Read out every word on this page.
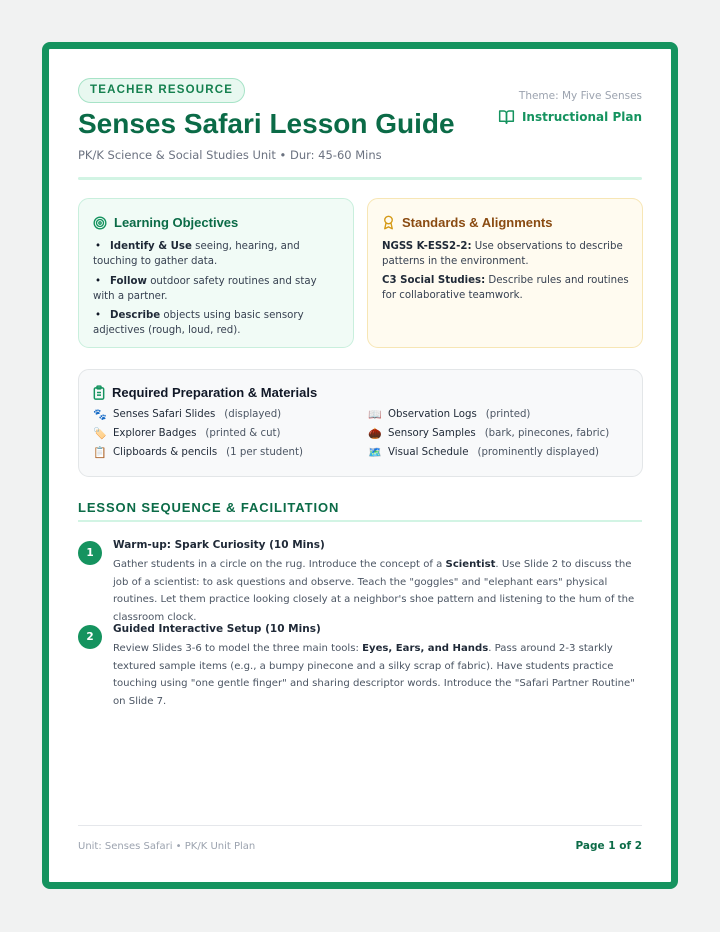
TEACHER RESOURCE
Senses Safari Lesson Guide
PK/K Science & Social Studies Unit • Dur: 45-60 Mins
Theme: My Five Senses
Instructional Plan
Learning Objectives
• Identify & Use seeing, hearing, and touching to gather data.
• Follow outdoor safety routines and stay with a partner.
• Describe objects using basic sensory adjectives (rough, loud, red).
Standards & Alignments
NGSS K-ESS2-2: Use observations to describe patterns in the environment.
C3 Social Studies: Describe rules and routines for collaborative teamwork.
Required Preparation & Materials
🐾 Senses Safari Slides (displayed)	📖 Observation Logs (printed)
🏷️ Explorer Badges (printed & cut)	🌰 Sensory Samples (bark, pinecones, fabric)
📋 Clipboards & pencils (1 per student)	🗺️ Visual Schedule (prominently displayed)
LESSON SEQUENCE & FACILITATION
1
Warm-up: Spark Curiosity (10 Mins)
Gather students in a circle on the rug. Introduce the concept of a Scientist. Use Slide 2 to discuss the job of a scientist: to ask questions and observe. Teach the "goggles" and "elephant ears" physical routines. Let them practice looking closely at a neighbor's shoe pattern and listening to the hum of the classroom clock.
2
Guided Interactive Setup (10 Mins)
Review Slides 3-6 to model the three main tools: Eyes, Ears, and Hands. Pass around 2-3 starkly textured sample items (e.g., a bumpy pinecone and a silky scrap of fabric). Have students practice touching using "one gentle finger" and sharing descriptor words. Introduce the "Safari Partner Routine" on Slide 7.
Unit: Senses Safari • PK/K Unit Plan	Page 1 of 2
